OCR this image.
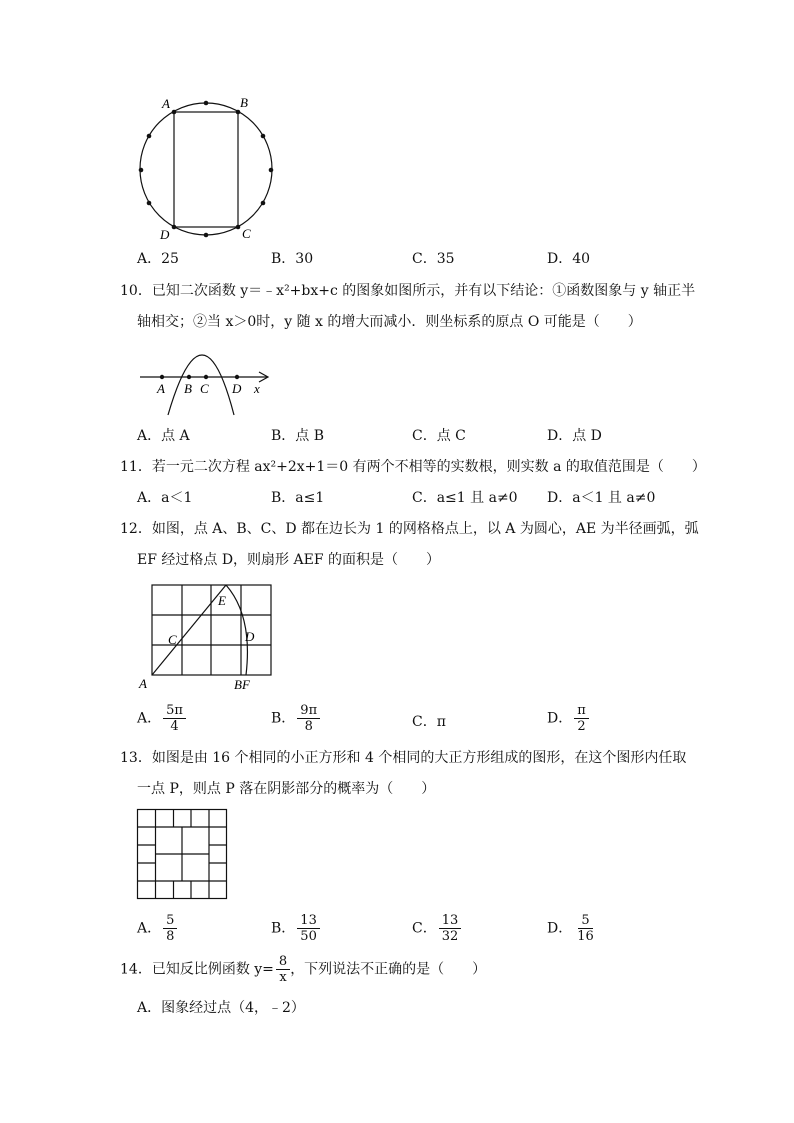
A	B
C
D
A．25	B．30	C．35	D．40
10．已知二次函数 y＝﹣x²+bx+c 的图象如图所示，并有以下结论：①函数图象与 y 轴正半
轴相交；②当 x＞0时，y 随 x 的增大而减小．则坐标系的原点 O 可能是（　　）
A B C D x
A．点 A	B．点 B	C．点 C	D．点 D
11．若一元二次方程 ax²+2x+1＝0 有两个不相等的实数根，则实数 a 的取值范围是（　　）
A．a＜1	B．a≤1	C．a≤1 且 a≠0 D．a＜1 且 a≠0
12．如图，点 A、B、C、D 都在边长为 1 的网格格点上，以 A 为圆心，AE 为半径画弧，弧
EF 经过格点 D，则扇形 AEF 的面积是（　　）
A
C
E
D
BF
A． $\frac{5\pi}{4}$	B． $\frac{9\pi}{8}$	C．π	D． $\frac{\pi}{2}$
13．如图是由 16 个相同的小正方形和 4 个相同的大正方形组成的图形，在这个图形内任取
一点 P，则点 P 落在阴影部分的概率为（　　）
A． $\frac{5}{8}$	B． $\frac{13}{50}$	C． $\frac{13}{32}$	D． $\frac{5}{16}$
14．已知反比例函数 $y= \frac{8}{x}$ ，下列说法不正确的是（　　）
A．图象经过点（4，﹣2）
